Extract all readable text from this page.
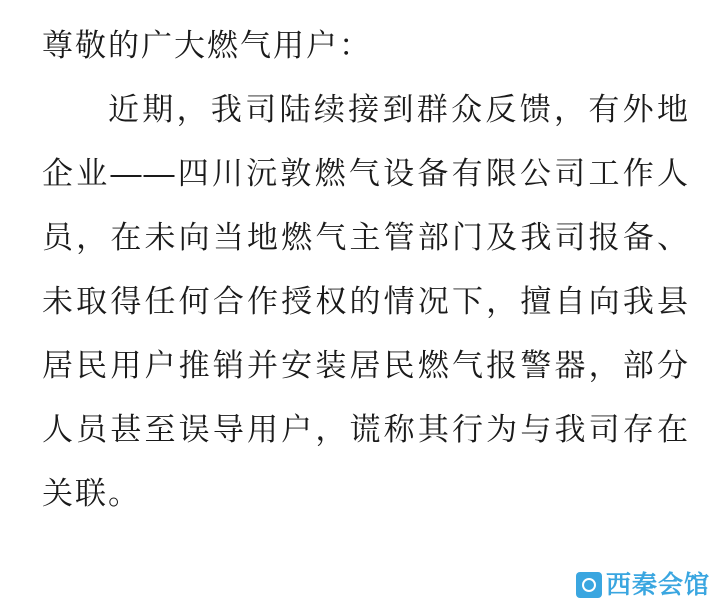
尊敬的广大燃气用户：

近期，我司陆续接到群众反馈，有外地企业——四川沅敦燃气设备有限公司工作人员，在未向当地燃气主管部门及我司报备、未取得任何合作授权的情况下，擅自向我县居民用户推销并安装居民燃气报警器，部分人员甚至误导用户，谎称其行为与我司存在关联。

西秦会馆
